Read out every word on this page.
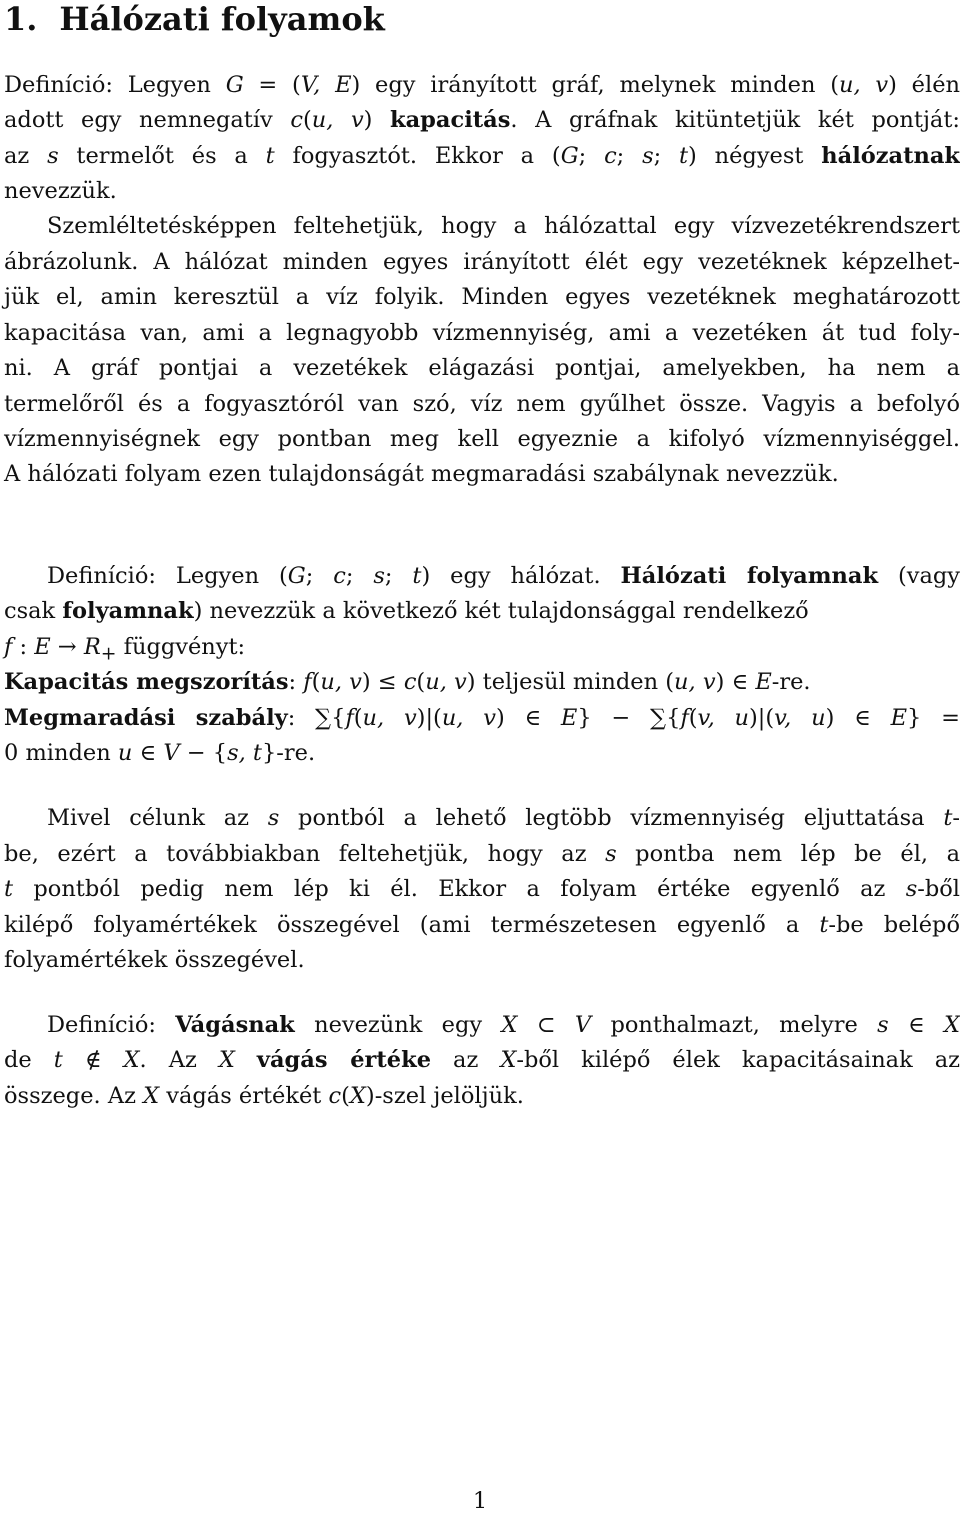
1. Hálózati folyamok
Definíció: Legyen G = (V, E) egy irányított gráf, melynek minden (u, v) élén
adott egy nemnegatív c(u, v) kapacitás. A gráfnak kitüntetjük két pontját:
az s termelőt és a t fogyasztót. Ekkor a (G; c; s; t) négyest hálózatnak
nevezzük.
Szemléltetésképpen feltehetjük, hogy a hálózattal egy vízvezetékrendszert
ábrázolunk. A hálózat minden egyes irányított élét egy vezetéknek képzelhet-
jük el, amin keresztül a víz folyik. Minden egyes vezetéknek meghatározott
kapacitása van, ami a legnagyobb vízmennyiség, ami a vezetéken át tud foly-
ni. A gráf pontjai a vezetékek elágazási pontjai, amelyekben, ha nem a
termelőről és a fogyasztóról van szó, víz nem gyűlhet össze. Vagyis a befolyó
vízmennyiségnek egy pontban meg kell egyeznie a kifolyó vízmennyiséggel.
A hálózati folyam ezen tulajdonságát megmaradási szabálynak nevezzük.
Definíció: Legyen (G; c; s; t) egy hálózat. Hálózati folyamnak (vagy
csak folyamnak) nevezzük a következő két tulajdonsággal rendelkező
f : $E \to R_+$ függvényt:
Kapacitás megszorítás: f(u, v) ≤ c(u, v) teljesül minden (u, v) ∈ E-re.
Megmaradási szabály: ∑{f(u, v)|(u, v) ∈ E} − ∑{f(v, u)|(v, u) ∈ E} =
0 minden u ∈ V − {s, t}-re.
Mivel célunk az s pontból a lehető legtöbb vízmennyiség eljuttatása t-
be, ezért a továbbiakban feltehetjük, hogy az s pontba nem lép be él, a
t pontból pedig nem lép ki él. Ekkor a folyam értéke egyenlő az s-ből
kilépő folyamértékek összegével (ami természetesen egyenlő a t-be belépő
folyamértékek összegével.
Definíció: Vágásnak nevezünk egy X ⊂ V ponthalmazt, melyre s ∈ X
de t ∉ X. Az X vágás értéke az X-ből kilépő élek kapacitásainak az
összege. Az X vágás értékét c(X)-szel jelöljük.
1
